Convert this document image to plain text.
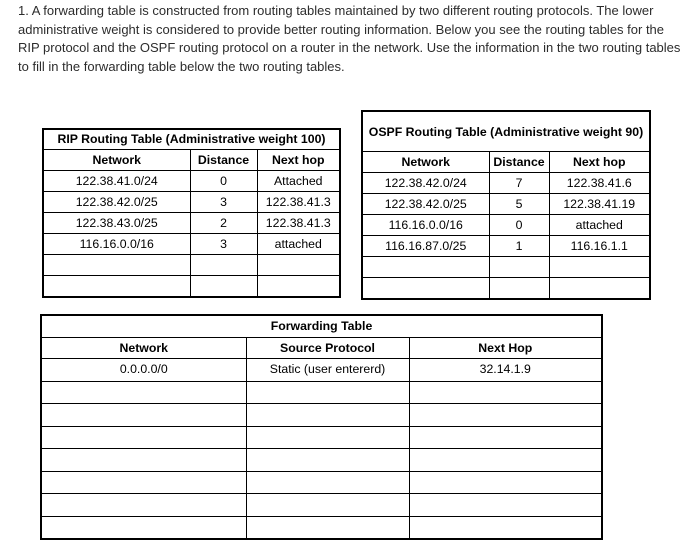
1. A forwarding table is constructed from routing tables maintained by two different routing protocols. The lower administrative weight is considered to provide better routing information. Below you see the routing tables for the RIP protocol and the OSPF routing protocol on a router in the network. Use the information in the two routing tables to fill in the forwarding table below the two routing tables.

RIP Routing Table (Administrative weight 100)		
Network	Distance	Next hop
122.38.41.0/24	0	Attached
122.38.42.0/25	3	122.38.41.3
122.38.43.0/25	2	122.38.41.3
116.16.0.0/16	3	attached

OSPF Routing Table (Administrative weight 90)		
Network	Distance	Next hop
122.38.42.0/24	7	122.38.41.6
122.38.42.0/25	5	122.38.41.19
116.16.0.0/16	0	attached
116.16.87.0/25	1	116.16.1.1

Forwarding Table		
Network	Source Protocol	Next Hop
0.0.0.0/0	Static (user entererd)	32.14.1.9
